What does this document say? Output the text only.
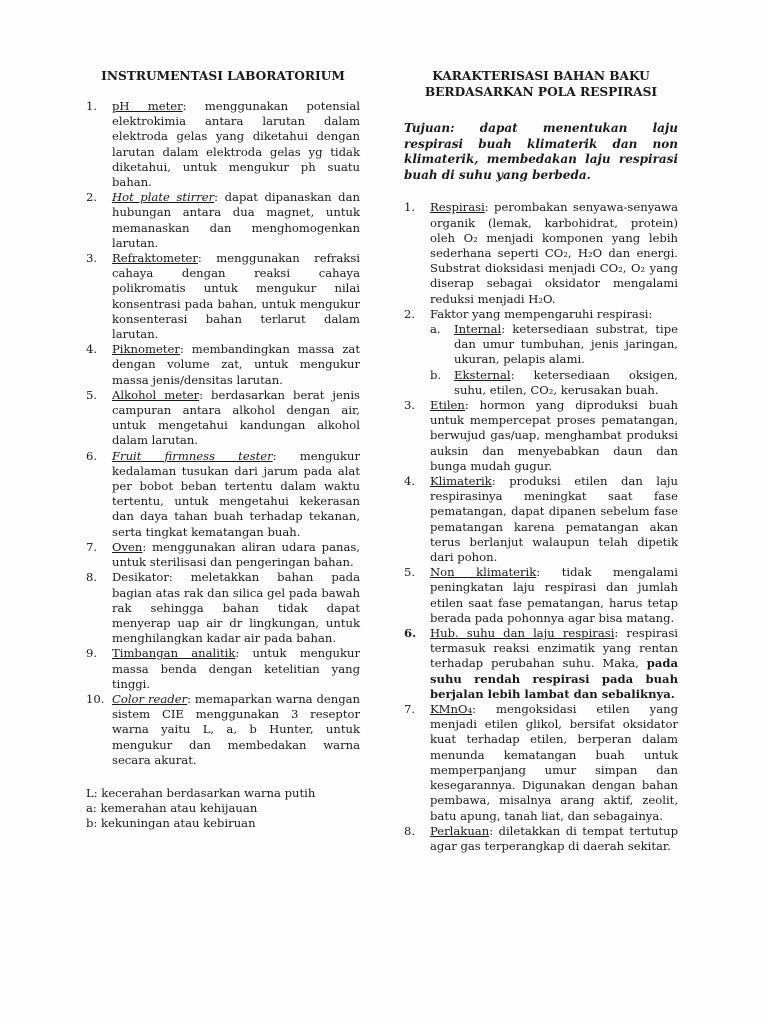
INSTRUMENTASI LABORATORIUM

1. pH meter: menggunakan potensial elektrokimia antara larutan dalam elektroda gelas yang diketahui dengan larutan dalam elektroda gelas yg tidak diketahui, untuk mengukur ph suatu bahan.
2. Hot plate stirrer: dapat dipanaskan dan hubungan antara dua magnet, untuk memanaskan dan menghomogenkan larutan.
3. Refraktometer: menggunakan refraksi cahaya dengan reaksi cahaya polikromatis untuk mengukur nilai konsentrasi pada bahan, untuk mengukur konsenterasi bahan terlarut dalam larutan.
4. Piknometer: membandingkan massa zat dengan volume zat, untuk mengukur massa jenis/densitas larutan.
5. Alkohol meter: berdasarkan berat jenis campuran antara alkohol dengan air, untuk mengetahui kandungan alkohol dalam larutan.
6. Fruit firmness tester: mengukur kedalaman tusukan dari jarum pada alat per bobot beban tertentu dalam waktu tertentu, untuk mengetahui kekerasan dan daya tahan buah terhadap tekanan, serta tingkat kematangan buah.
7. Oven: menggunakan aliran udara panas, untuk sterilisasi dan pengeringan bahan.
8. Desikator: meletakkan bahan pada bagian atas rak dan silica gel pada bawah rak sehingga bahan tidak dapat menyerap uap air dr lingkungan, untuk menghilangkan kadar air pada bahan.
9. Timbangan analitik: untuk mengukur massa benda dengan ketelitian yang tinggi.
10. Color reader: memaparkan warna dengan sistem CIE menggunakan 3 reseptor warna yaitu L, a, b Hunter, untuk mengukur dan membedakan warna secara akurat.
L: kecerahan berdasarkan warna putih
a: kemerahan atau kehijauan
b: kekuningan atau kebiruan

KARAKTERISASI BAHAN BAKU
BERDASARKAN POLA RESPIRASI

Tujuan: dapat menentukan laju respirasi buah klimaterik dan non klimaterik, membedakan laju respirasi buah di suhu yang berbeda.

1. Respirasi: perombakan senyawa-senyawa organik (lemak, karbohidrat, protein) oleh O₂ menjadi komponen yang lebih sederhana seperti CO₂, H₂O dan energi. Substrat dioksidasi menjadi CO₂, O₂ yang diserap sebagai oksidator mengalami reduksi menjadi H₂O.
2. Faktor yang mempengaruhi respirasi:
a. Internal: ketersediaan substrat, tipe dan umur tumbuhan, jenis jaringan, ukuran, pelapis alami.
b. Eksternal: ketersediaan oksigen, suhu, etilen, CO₂, kerusakan buah.
3. Etilen: hormon yang diproduksi buah untuk mempercepat proses pematangan, berwujud gas/uap, menghambat produksi auksin dan menyebabkan daun dan bunga mudah gugur.
4. Klimaterik: produksi etilen dan laju respirasinya meningkat saat fase pematangan, dapat dipanen sebelum fase pematangan karena pematangan akan terus berlanjut walaupun telah dipetik dari pohon.
5. Non klimaterik: tidak mengalami peningkatan laju respirasi dan jumlah etilen saat fase pematangan, harus tetap berada pada pohonnya agar bisa matang.
6. Hub. suhu dan laju respirasi: respirasi termasuk reaksi enzimatik yang rentan terhadap perubahan suhu. Maka, pada suhu rendah respirasi pada buah berjalan lebih lambat dan sebaliknya.
7. KMnO₄: mengoksidasi etilen yang menjadi etilen glikol, bersifat oksidator kuat terhadap etilen, berperan dalam menunda kematangan buah untuk memperpanjang umur simpan dan kesegarannya. Digunakan dengan bahan pembawa, misalnya arang aktif, zeolit, batu apung, tanah liat, dan sebagainya.
8. Perlakuan: diletakkan di tempat tertutup agar gas terperangkap di daerah sekitar.
